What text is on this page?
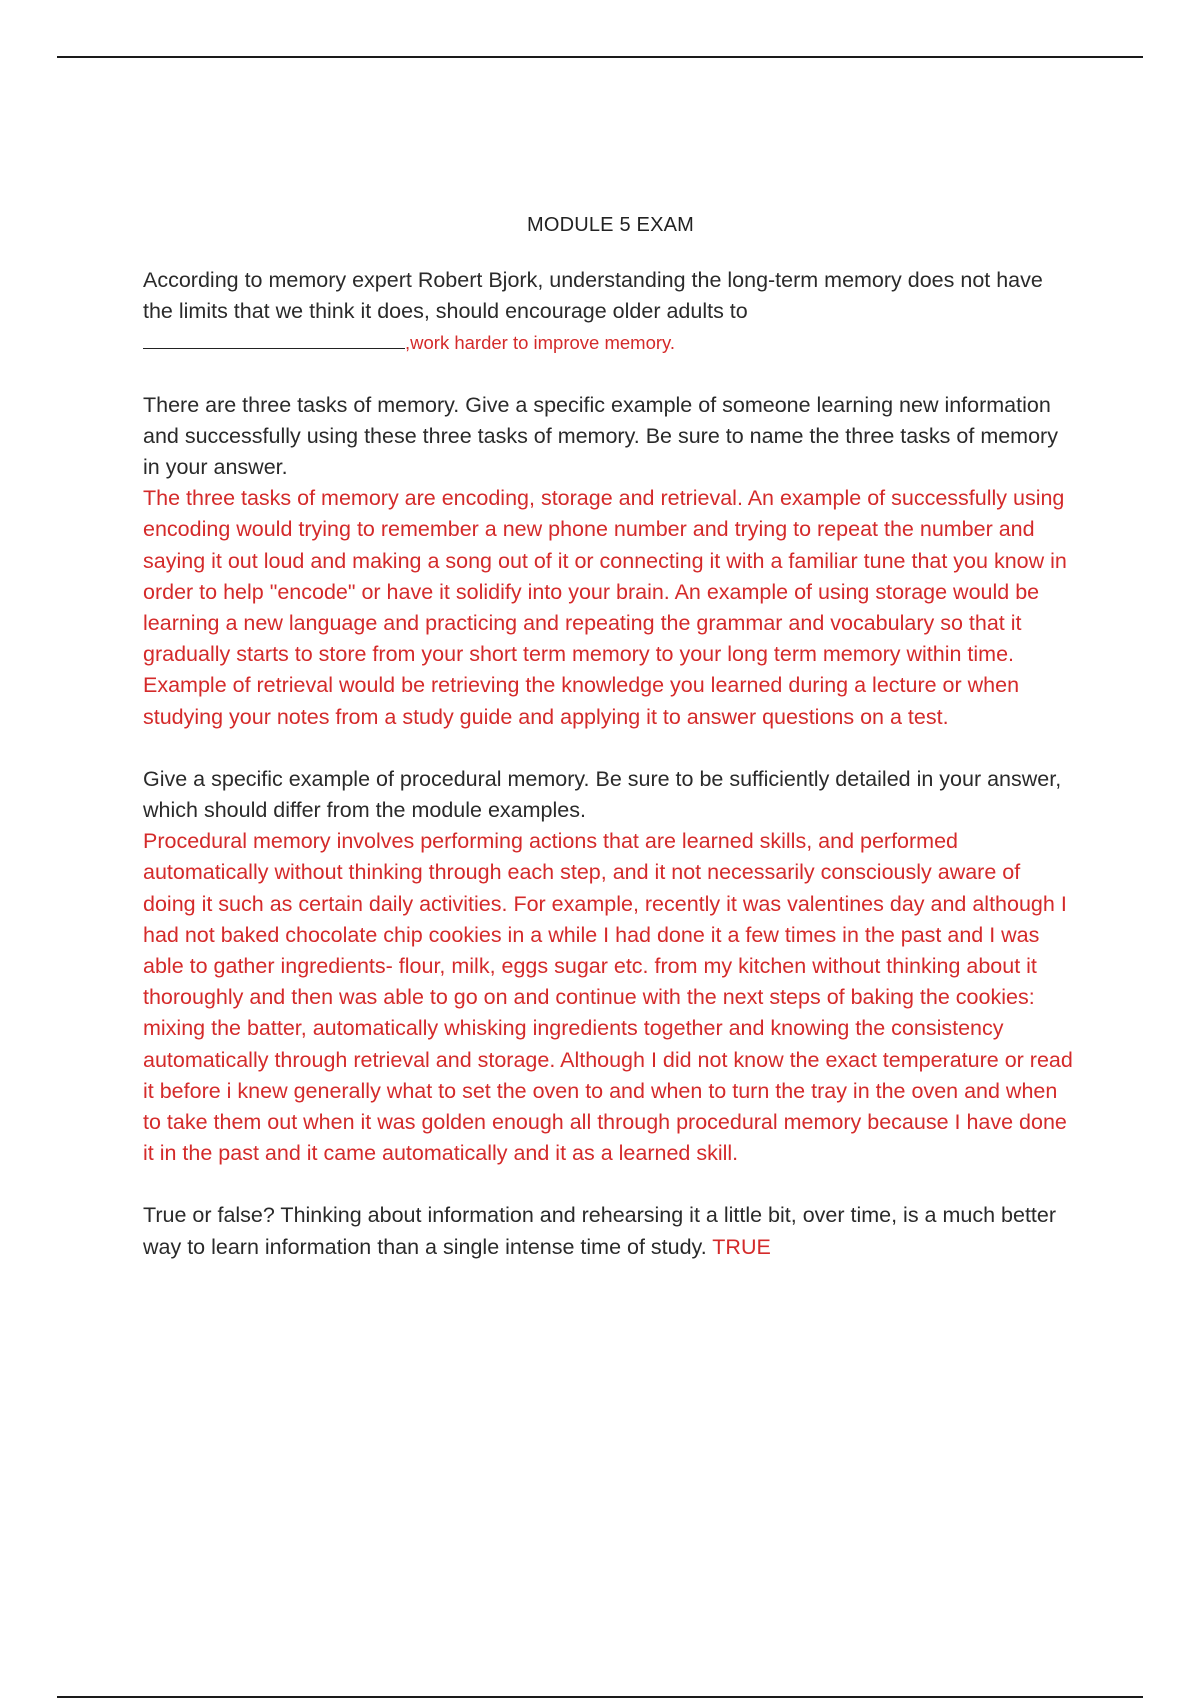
MODULE 5 EXAM

According to memory expert Robert Bjork, understanding the long-term memory does not have the limits that we think it does, should encourage older adults to
,work harder to improve memory.

There are three tasks of memory. Give a specific example of someone learning new information and successfully using these three tasks of memory. Be sure to name the three tasks of memory in your answer.

The three tasks of memory are encoding, storage and retrieval. An example of successfully using encoding would trying to remember a new phone number and trying to repeat the number and saying it out loud and making a song out of it or connecting it with a familiar tune that you know in order to help "encode" or have it solidify into your brain. An example of using storage would be learning a new language and practicing and repeating the grammar and vocabulary so that it gradually starts to store from your short term memory to your long term memory within time. Example of retrieval would be retrieving the knowledge you learned during a lecture or when studying your notes from a study guide and applying it to answer questions on a test.

Give a specific example of procedural memory. Be sure to be sufficiently detailed in your answer, which should differ from the module examples.

Procedural memory involves performing actions that are learned skills, and performed automatically without thinking through each step, and it not necessarily consciously aware of doing it such as certain daily activities. For example, recently it was valentines day and although I had not baked chocolate chip cookies in a while I had done it a few times in the past and I was able to gather ingredients- flour, milk, eggs sugar etc. from my kitchen without thinking about it thoroughly and then was able to go on and continue with the next steps of baking the cookies: mixing the batter, automatically whisking ingredients together and knowing the consistency automatically through retrieval and storage. Although I did not know the exact temperature or read it before i knew generally what to set the oven to and when to turn the tray in the oven and when to take them out when it was golden enough all through procedural memory because I have done it in the past and it came automatically and it as a learned skill.

True or false? Thinking about information and rehearsing it a little bit, over time, is a much better way to learn information than a single intense time of study. TRUE
